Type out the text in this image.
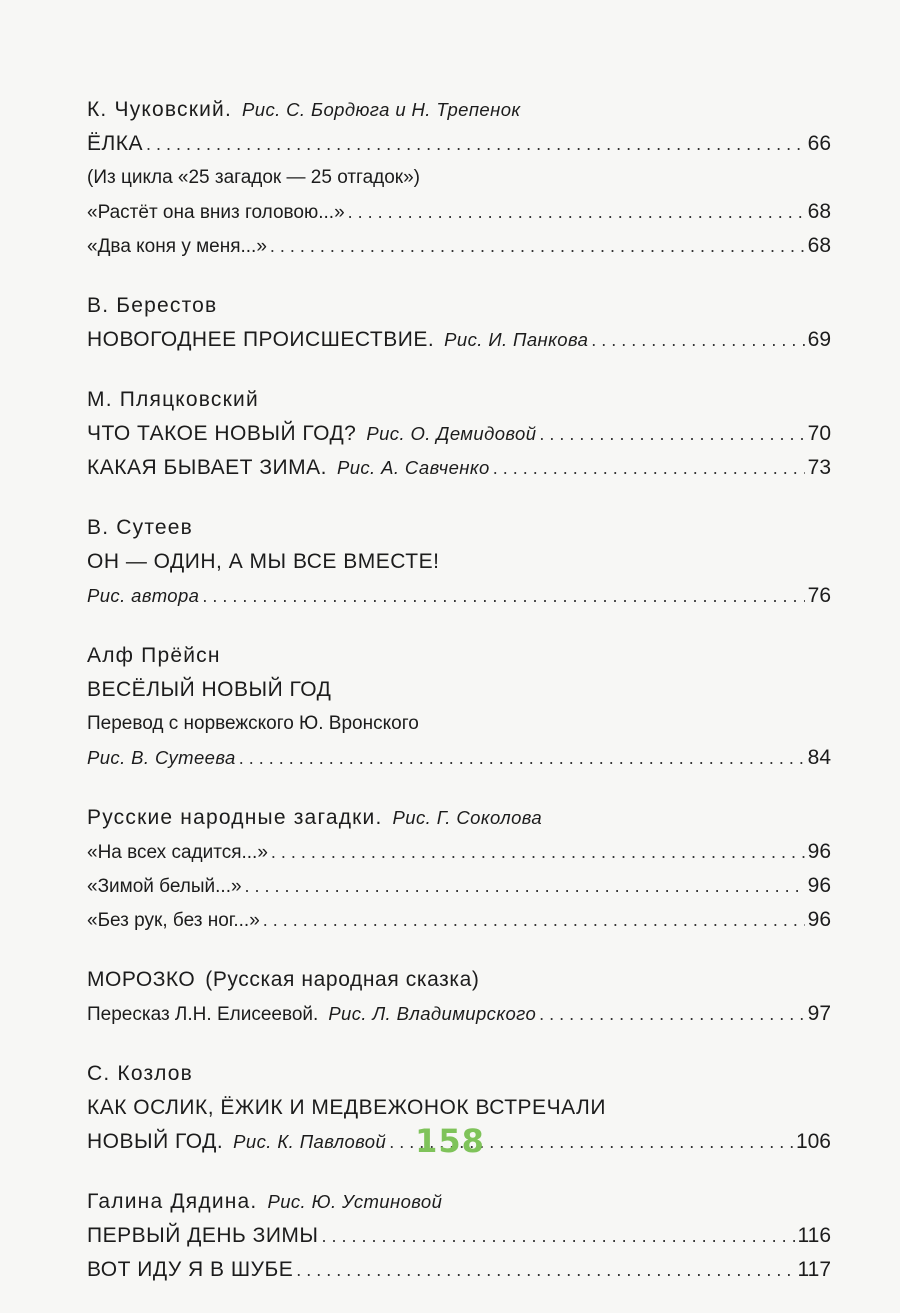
К. Чуковский. Рис. С. Бордюга и Н. Трепенок
ЁЛКА . . .	66
(Из цикла «25 загадок — 25 отгадок»)
«Растёт она вниз головою...» . . .	68
«Два коня у меня...» . . .	68
В. Берестов
НОВОГОДНЕЕ ПРОИСШЕСТВИЕ. Рис. И. Панкова . . .	69
М. Пляцковский
ЧТО ТАКОЕ НОВЫЙ ГОД? Рис. О. Демидовой . . .	70
КАКАЯ БЫВАЕТ ЗИМА. Рис. А. Савченко . . .	73
В. Сутеев
ОН — ОДИН, А МЫ ВСЕ ВМЕСТЕ!
Рис. автора . . .	76
Алф Прёйсн
ВЕСЁЛЫЙ НОВЫЙ ГОД
Перевод с норвежского Ю. Вронского
Рис. В. Сутеева . . .	84
Русские народные загадки. Рис. Г. Соколова
«На всех садится...» . . .	96
«Зимой белый...» . . .	96
«Без рук, без ног...» . . .	96
МОРОЗКО (Русская народная сказка)
Пересказ Л.Н. Елисеевой. Рис. Л. Владимирского . . .	97
С. Козлов
КАК ОСЛИК, ЁЖИК И МЕДВЕЖОНОК ВСТРЕЧАЛИ
НОВЫЙ ГОД. Рис. К. Павловой . . .	106
Галина Дядина. Рис. Ю. Устиновой
ПЕРВЫЙ ДЕНЬ ЗИМЫ . . .	116
ВОТ ИДУ Я В ШУБЕ . . .	117
158
